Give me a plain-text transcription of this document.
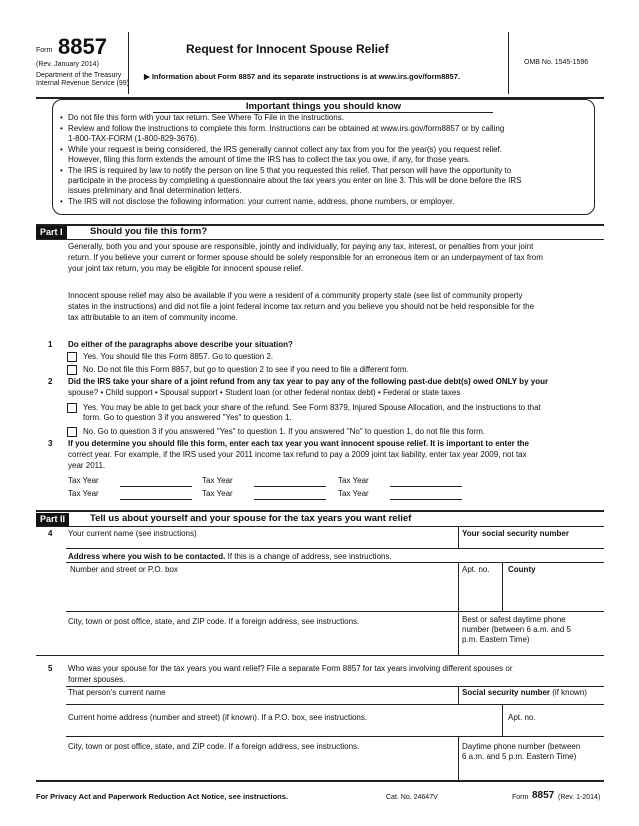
Form 8857
(Rev. January 2014)
Department of the Treasury
Internal Revenue Service (99)
Request for Innocent Spouse Relief
▶ Information about Form 8857 and its separate instructions is at www.irs.gov/form8857.
OMB No. 1545-1596
Important things you should know
• Do not file this form with your tax return. See Where To File in the instructions.
• Review and follow the instructions to complete this form. Instructions can be obtained at www.irs.gov/form8857 or by calling
1-800-TAX-FORM (1-800-829-3676).
• While your request is being considered, the IRS generally cannot collect any tax from you for the year(s) you request relief.
However, filing this form extends the amount of time the IRS has to collect the tax you owe, if any, for those years.
• The IRS is required by law to notify the person on line 5 that you requested this relief. That person will have the opportunity to
participate in the process by completing a questionnaire about the tax years you enter on line 3. This will be done before the IRS
issues preliminary and final determination letters.
• The IRS will not disclose the following information: your current name, address, phone numbers, or employer.
Part I	Should you file this form?
Generally, both you and your spouse are responsible, jointly and individually, for paying any tax, interest, or penalties from your joint
return. If you believe your current or former spouse should be solely responsible for an erroneous item or an underpayment of tax from
your joint tax return, you may be eligible for innocent spouse relief.
Innocent spouse relief may also be available if you were a resident of a community property state (see list of community property
states in the instructions) and did not file a joint federal income tax return and you believe you should not be held responsible for the
tax attributable to an item of community income.
1 Do either of the paragraphs above describe your situation?
Yes. You should file this Form 8857. Go to question 2.
No. Do not file this Form 8857, but go to question 2 to see if you need to file a different form.
2 Did the IRS take your share of a joint refund from any tax year to pay any of the following past-due debt(s) owed ONLY by your
spouse? • Child support • Spousal support • Student loan (or other federal nontax debt) • Federal or state taxes
Yes. You may be able to get back your share of the refund. See Form 8379, Injured Spouse Allocation, and the instructions to that
form. Go to question 3 if you answered "Yes" to question 1.
No. Go to question 3 if you answered "Yes" to question 1. If you answered "No" to question 1, do not file this form.
3 If you determine you should file this form, enter each tax year you want innocent spouse relief. It is important to enter the
correct year. For example, if the IRS used your 2011 income tax refund to pay a 2009 joint tax liability, enter tax year 2009, not tax
year 2011.
Tax Year	Tax Year	Tax Year
Tax Year	Tax Year	Tax Year
Part II	Tell us about yourself and your spouse for the tax years you want relief
4 Your current name (see instructions)	Your social security number
Address where you wish to be contacted. If this is a change of address, see instructions.
Number and street or P.O. box	Apt. no. County
City, town or post office, state, and ZIP code. If a foreign address, see instructions.	Best or safest daytime phone
number (between 6 a.m. and 5
p.m. Eastern Time)
5 Who was your spouse for the tax years you want relief? File a separate Form 8857 for tax years involving different spouses or
former spouses.
That person's current name	Social security number (if known)
Current home address (number and street) (if known). If a P.O. box, see instructions.	Apt. no.
City, town or post office, state, and ZIP code. If a foreign address, see instructions.	Daytime phone number (between
6 a.m. and 5 p.m. Eastern Time)
For Privacy Act and Paperwork Reduction Act Notice, see instructions.	Cat. No. 24647V	Form 8857 (Rev. 1-2014)
